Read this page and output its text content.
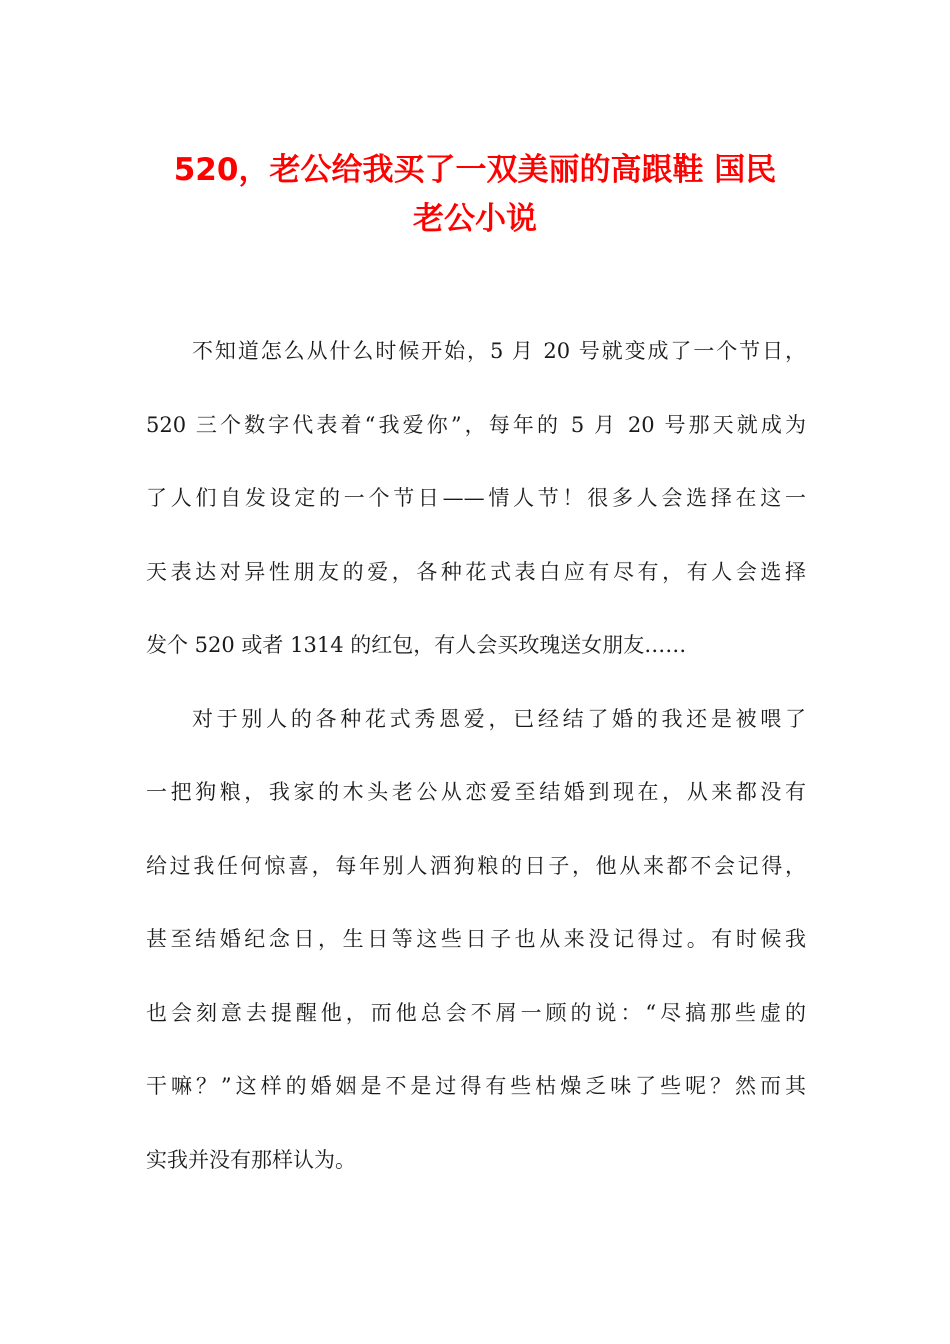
520，老公给我买了一双美丽的高跟鞋 国民
老公小说
不知道怎么从什么时候开始，5 月 20 号就变成了一个节日，
520 三个数字代表着“我爱你”，每年的 5 月 20 号那天就成为
了人们自发设定的一个节日——情人节！很多人会选择在这一
天表达对异性朋友的爱，各种花式表白应有尽有，有人会选择
发个 520 或者 1314 的红包，有人会买玫瑰送女朋友……
对于别人的各种花式秀恩爱，已经结了婚的我还是被喂了
一把狗粮，我家的木头老公从恋爱至结婚到现在，从来都没有
给过我任何惊喜，每年别人洒狗粮的日子，他从来都不会记得，
甚至结婚纪念日，生日等这些日子也从来没记得过。有时候我
也会刻意去提醒他，而他总会不屑一顾的说：“尽搞那些虚的
干嘛？”这样的婚姻是不是过得有些枯燥乏味了些呢？然而其
实我并没有那样认为。
